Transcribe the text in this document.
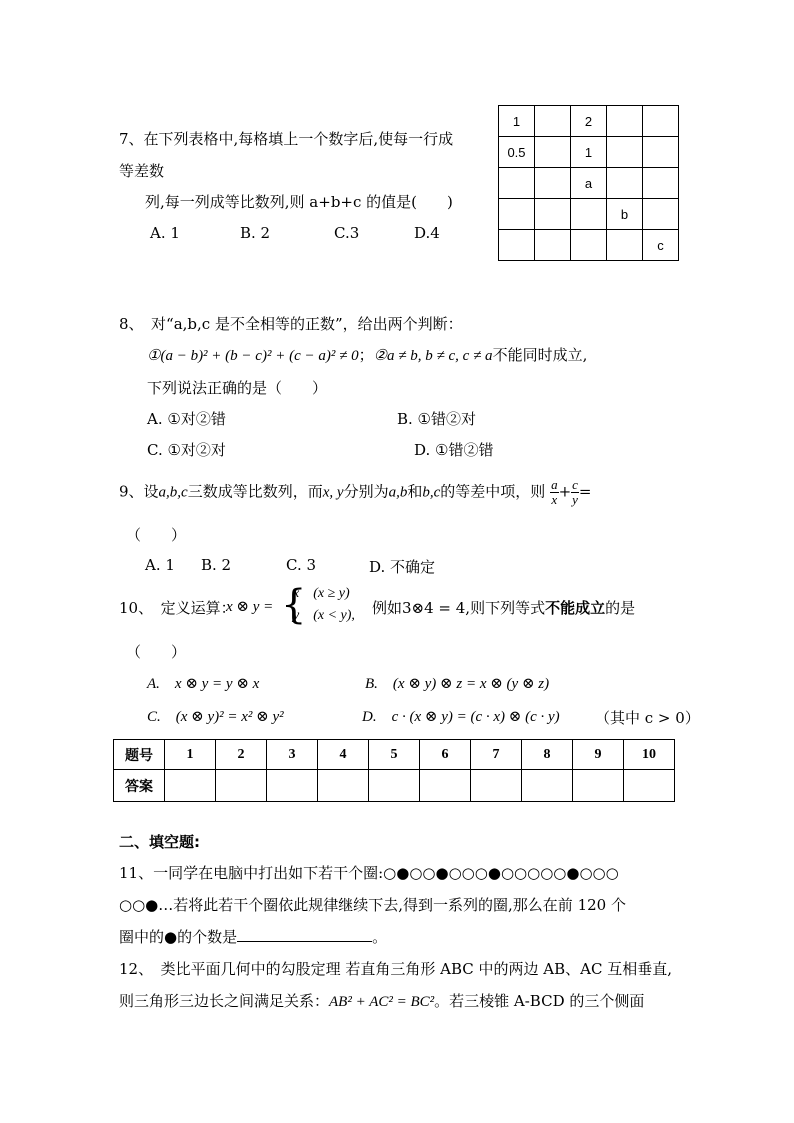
7、在下列表格中,每格填上一个数字后,使每一行成
等差数
列,每一列成等比数列,则 a+b+c 的值是(　　)
A. 1	B. 2	C.3	D.4
1		2		
0.5		1		
		a		
			b	
				c
8、　对“a,b,c 是不全相等的正数”，给出两个判断：
①(a − b)² + (b − c)² + (c − a)² ≠ 0；②a ≠ b, b ≠ c, c ≠ a不能同时成立,
下列说法正确的是（　　）
A. ①对②错	B. ①错②对
C. ①对②对	D. ①错②错
9、设a,b,c三数成等比数列，而x, y分别为a,b和b,c的等差中项，则 $\frac{a}{x} + \frac{c}{y}$ =
（　　）
A. 1 B. 2	C. 3	D. 不确定
10、　定义运算：
x ⊗ y = {
x (x ≥ y)
y (x < y), 例如3⊗4 = 4,则下列等式不能成立的是
（　　）
A. x ⊗ y = y ⊗ x	B. (x ⊗ y) ⊗ z = x ⊗ (y ⊗ z)
C. (x ⊗ y)² = x² ⊗ y²	D. c · (x ⊗ y) = (c · x) ⊗ (c · y) （其中 c > 0）
题号	1	2	3	4	5	6	7	8	9	10
答案										
二、填空题:
11、一同学在电脑中打出如下若干个圈:○●○○●○○○●○○○○○●○○○
○○●…若将此若干个圈依此规律继续下去,得到一系列的圈,那么在前 120 个
圈中的●的个数是	。
12、　类比平面几何中的勾股定理 若直角三角形 ABC 中的两边 AB、AC 互相垂直,
则三角形三边长之间满足关系：AB² + AC² = BC²。若三棱锥 A-BCD 的三个侧面
